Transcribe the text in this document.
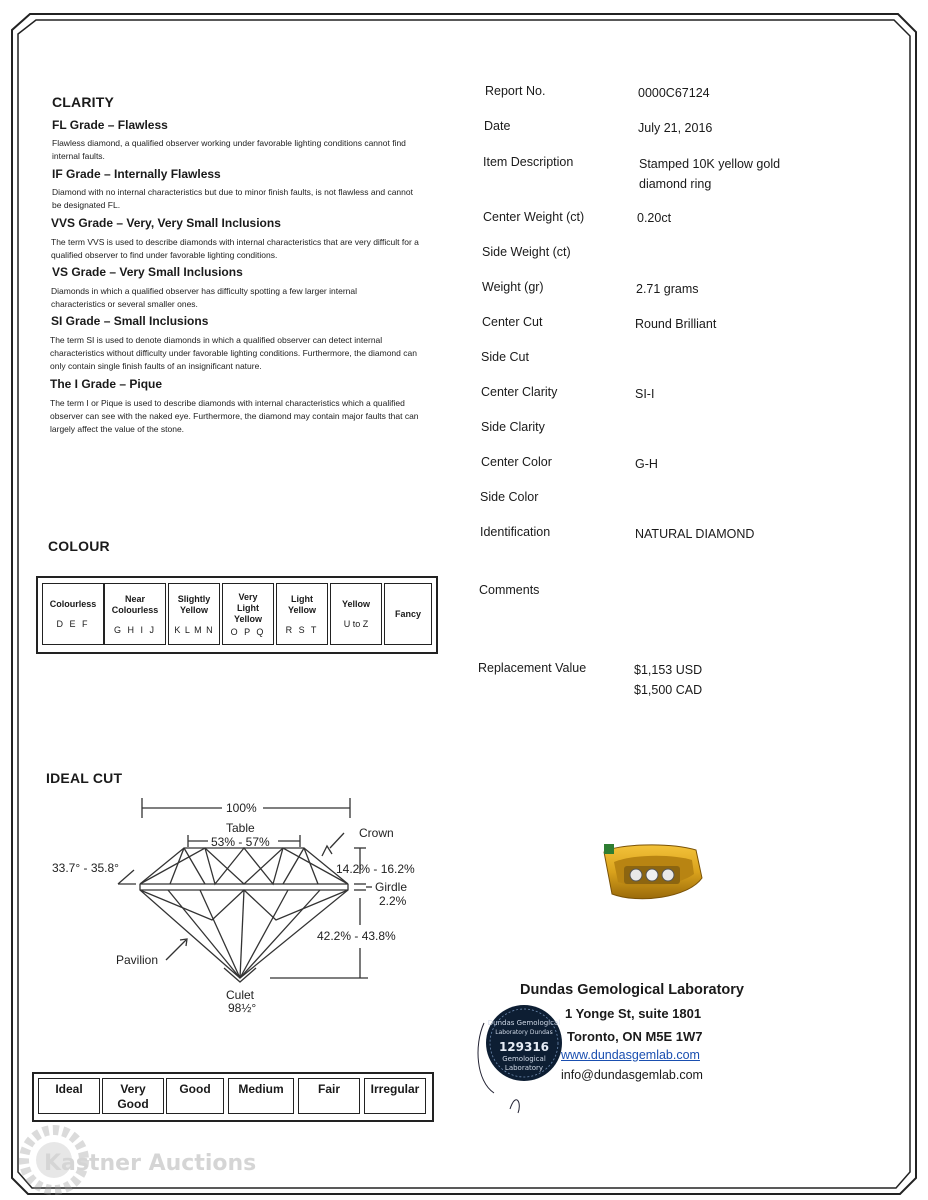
CLARITY
FL Grade – Flawless
Flawless diamond, a qualified observer working under favorable lighting conditions cannot find internal faults.
IF Grade – Internally Flawless
Diamond with no internal characteristics but due to minor finish faults, is not flawless and cannot be designated FL.
VVS Grade – Very, Very Small Inclusions
The term VVS is used to describe diamonds with internal characteristics that are very difficult for a qualified observer to find under favorable lighting conditions.
VS Grade – Very Small Inclusions
Diamonds in which a qualified observer has difficulty spotting a few larger internal characteristics or several smaller ones.
SI Grade – Small Inclusions
The term SI is used to denote diamonds in which a qualified observer can detect internal characteristics without difficulty under favorable lighting conditions. Furthermore, the diamond can only contain single finish faults of an insignificant nature.
The I Grade – Pique
The term I or Pique is used to describe diamonds with internal characteristics which a qualified observer can see with the naked eye. Furthermore, the diamond may contain major faults that can largely affect the value of the stone.
Report No.	0000C67124
Date	July 21, 2016
Item Description	Stamped 10K yellow gold
diamond ring
Center Weight (ct)	0.20ct
Side Weight (ct)
Weight (gr)	2.71 grams
Center Cut	Round Brilliant
Side Cut
Center Clarity	SI-I
Side Clarity
Center Color	G-H
Side Color
Identification	NATURAL DIAMOND
Comments
Replacement Value	$1,153 USD
$1,500 CAD
COLOUR
Colourless
D E F
Near Colourless
G H I J
Slightly Yellow
K L M N
Very Light Yellow
O P Q
Light Yellow
R S T
Yellow
U to Z
Fancy
IDEAL CUT
100%
Table
53% - 57%
Crown
33.7° - 35.8°	14.2% - 16.2%
Girdle
2.2%
42.2% - 43.8%
Pavilion
Culet
98½°
Ideal	Very Good
Good	Medium	Fair	Irregular
Dundas Gemological
Laboratory Dundas
129316
Gemological
Laboratory
Dundas Gemological Laboratory
1 Yonge St, suite 1801
Toronto, ON M5E 1W7
www.dundasgemlab.com
info@dundasgemlab.com
Kastner Auctions
